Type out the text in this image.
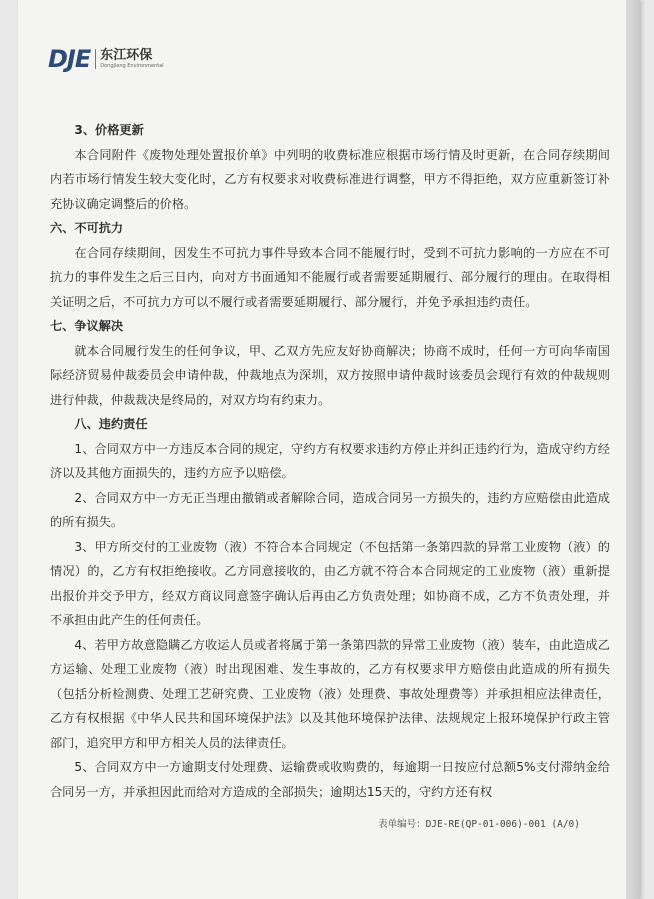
DJE 东江环保
Dongjiang Environmental

3、价格更新

本合同附件《废物处理处置报价单》中列明的收费标准应根据市场行情及时更新，在合同存续期间内若市场行情发生较大变化时，乙方有权要求对收费标准进行调整，甲方不得拒绝，双方应重新签订补充协议确定调整后的价格。

六、不可抗力

在合同存续期间，因发生不可抗力事件导致本合同不能履行时，受到不可抗力影响的一方应在不可抗力的事件发生之后三日内，向对方书面通知不能履行或者需要延期履行、部分履行的理由。在取得相关证明之后，不可抗力方可以不履行或者需要延期履行、部分履行，并免予承担违约责任。

七、争议解决

就本合同履行发生的任何争议，甲、乙双方先应友好协商解决；协商不成时，任何一方可向华南国际经济贸易仲裁委员会申请仲裁，仲裁地点为深圳，双方按照申请仲裁时该委员会现行有效的仲裁规则进行仲裁，仲裁裁决是终局的，对双方均有约束力。

八、违约责任

1、合同双方中一方违反本合同的规定，守约方有权要求违约方停止并纠正违约行为，造成守约方经济以及其他方面损失的，违约方应予以赔偿。

2、合同双方中一方无正当理由撤销或者解除合同，造成合同另一方损失的，违约方应赔偿由此造成的所有损失。

3、甲方所交付的工业废物（液）不符合本合同规定（不包括第一条第四款的异常工业废物（液）的情况）的，乙方有权拒绝接收。乙方同意接收的，由乙方就不符合本合同规定的工业废物（液）重新提出报价并交予甲方，经双方商议同意签字确认后再由乙方负责处理；如协商不成，乙方不负责处理，并不承担由此产生的任何责任。

4、若甲方故意隐瞒乙方收运人员或者将属于第一条第四款的异常工业废物（液）装车，由此造成乙方运输、处理工业废物（液）时出现困难、发生事故的，乙方有权要求甲方赔偿由此造成的所有损失（包括分析检测费、处理工艺研究费、工业废物（液）处理费、事故处理费等）并承担相应法律责任，乙方有权根据《中华人民共和国环境保护法》以及其他环境保护法律、法规规定上报环境保护行政主管部门，追究甲方和甲方相关人员的法律责任。

5、合同双方中一方逾期支付处理费、运输费或收购费的，每逾期一日按应付总额5%支付滞纳金给合同另一方，并承担因此而给对方造成的全部损失；逾期达15天的，守约方还有权

表单编号：DJE-RE(QP-01-006)-001 (A/0)
